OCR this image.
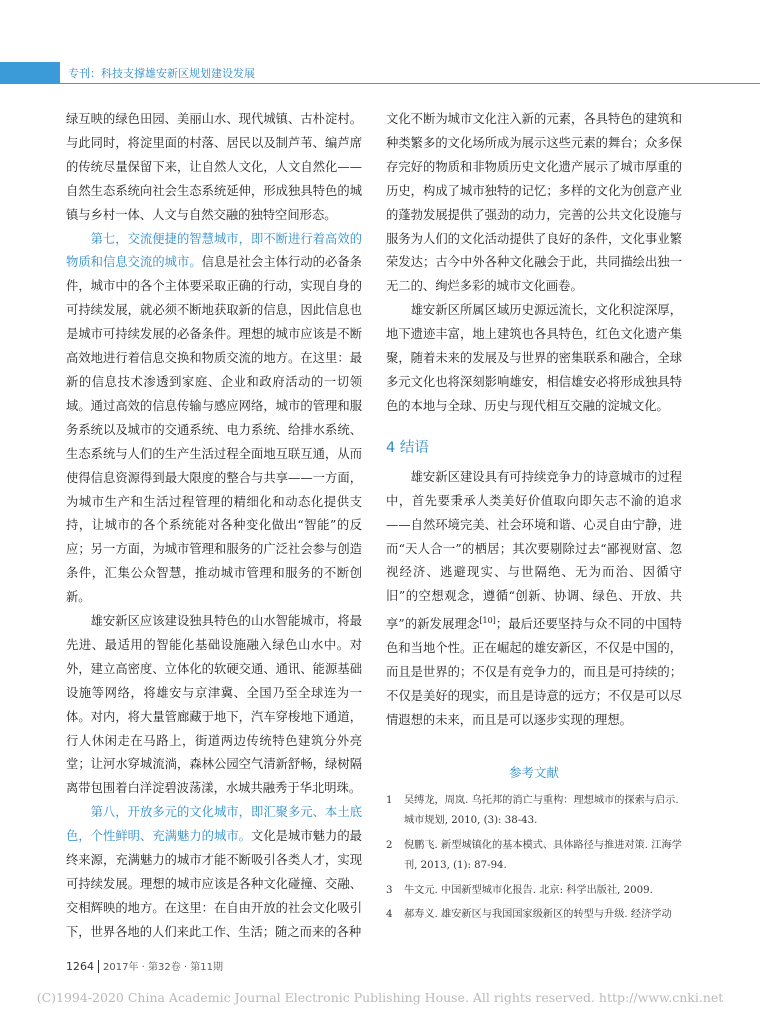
专刊：科技支撑雄安新区规划建设发展

绿互映的绿色田园、美丽山水、现代城镇、古朴淀村。与此同时，将淀里面的村落、居民以及制芦苇、编芦席的传统尽量保留下来，让自然人文化，人文自然化——自然生态系统向社会生态系统延伸，形成独具特色的城镇与乡村一体、人文与自然交融的独特空间形态。

第七，交流便捷的智慧城市，即不断进行着高效的物质和信息交流的城市。信息是社会主体行动的必备条件，城市中的各个主体要采取正确的行动，实现自身的可持续发展，就必须不断地获取新的信息，因此信息也是城市可持续发展的必备条件。理想的城市应该是不断高效地进行着信息交换和物质交流的地方。在这里：最新的信息技术渗透到家庭、企业和政府活动的一切领域。通过高效的信息传输与感应网络，城市的管理和服务系统以及城市的交通系统、电力系统、给排水系统、生态系统与人们的生产生活过程全面地互联互通，从而使得信息资源得到最大限度的整合与共享——一方面，为城市生产和生活过程管理的精细化和动态化提供支持，让城市的各个系统能对各种变化做出“智能”的反应；另一方面，为城市管理和服务的广泛社会参与创造条件，汇集公众智慧，推动城市管理和服务的不断创新。

雄安新区应该建设独具特色的山水智能城市，将最先进、最适用的智能化基础设施融入绿色山水中。对外，建立高密度、立体化的软硬交通、通讯、能源基础设施等网络，将雄安与京津冀、全国乃至全球连为一体。对内，将大量管廊藏于地下，汽车穿梭地下通道，行人休闲走在马路上，街道两边传统特色建筑分外亮堂；让河水穿城流淌，森林公园空气清新舒畅，绿树隔离带包围着白洋淀碧波荡漾，水城共融秀于华北明珠。

第八，开放多元的文化城市，即汇聚多元、本土底色，个性鲜明、充满魅力的城市。文化是城市魅力的最终来源，充满魅力的城市才能不断吸引各类人才，实现可持续发展。理想的城市应该是各种文化碰撞、交融、交相辉映的地方。在这里：在自由开放的社会文化吸引下，世界各地的人们来此工作、生活；随之而来的各种

文化不断为城市文化注入新的元素，各具特色的建筑和种类繁多的文化场所成为展示这些元素的舞台；众多保存完好的物质和非物质历史文化遗产展示了城市厚重的历史，构成了城市独特的记忆；多样的文化为创意产业的蓬勃发展提供了强劲的动力，完善的公共文化设施与服务为人们的文化活动提供了良好的条件，文化事业繁荣发达；古今中外各种文化融会于此，共同描绘出独一无二的、绚烂多彩的城市文化画卷。

雄安新区所属区域历史源远流长，文化积淀深厚，地下遗迹丰富，地上建筑也各具特色，红色文化遗产集聚，随着未来的发展及与世界的密集联系和融合，全球多元文化也将深刻影响雄安，相信雄安必将形成独具特色的本地与全球、历史与现代相互交融的淀城文化。

4 结语

雄安新区建设具有可持续竞争力的诗意城市的过程中，首先要秉承人类美好价值取向即矢志不渝的追求——自然环境完美、社会环境和谐、心灵自由宁静，进而“天人合一”的栖居；其次要剔除过去“鄙视财富、忽视经济、逃避现实、与世隔绝、无为而治、因循守旧”的空想观念，遵循“创新、协调、绿色、开放、共享”的新发展理念[10]；最后还要坚持与众不同的中国特色和当地个性。正在崛起的雄安新区，不仅是中国的，而且是世界的；不仅是有竞争力的，而且是可持续的；不仅是美好的现实，而且是诗意的远方；不仅是可以尽情遐想的未来，而且是可以逐步实现的理想。

参考文献
1	吴缚龙，周岚. 乌托邦的消亡与重构：理想城市的探索与启示. 城市规划, 2010, (3): 38-43.
2	倪鹏飞. 新型城镇化的基本模式、具体路径与推进对策. 江海学刊, 2013, (1): 87-94.
3	牛文元. 中国新型城市化报告. 北京: 科学出版社, 2009.
4	郝寿义. 雄安新区与我国国家级新区的转型与升级. 经济学动
1264 2017年 · 第32卷 · 第11期
(C)1994-2020 China Academic Journal Electronic Publishing House. All rights reserved. http://www.cnki.net
